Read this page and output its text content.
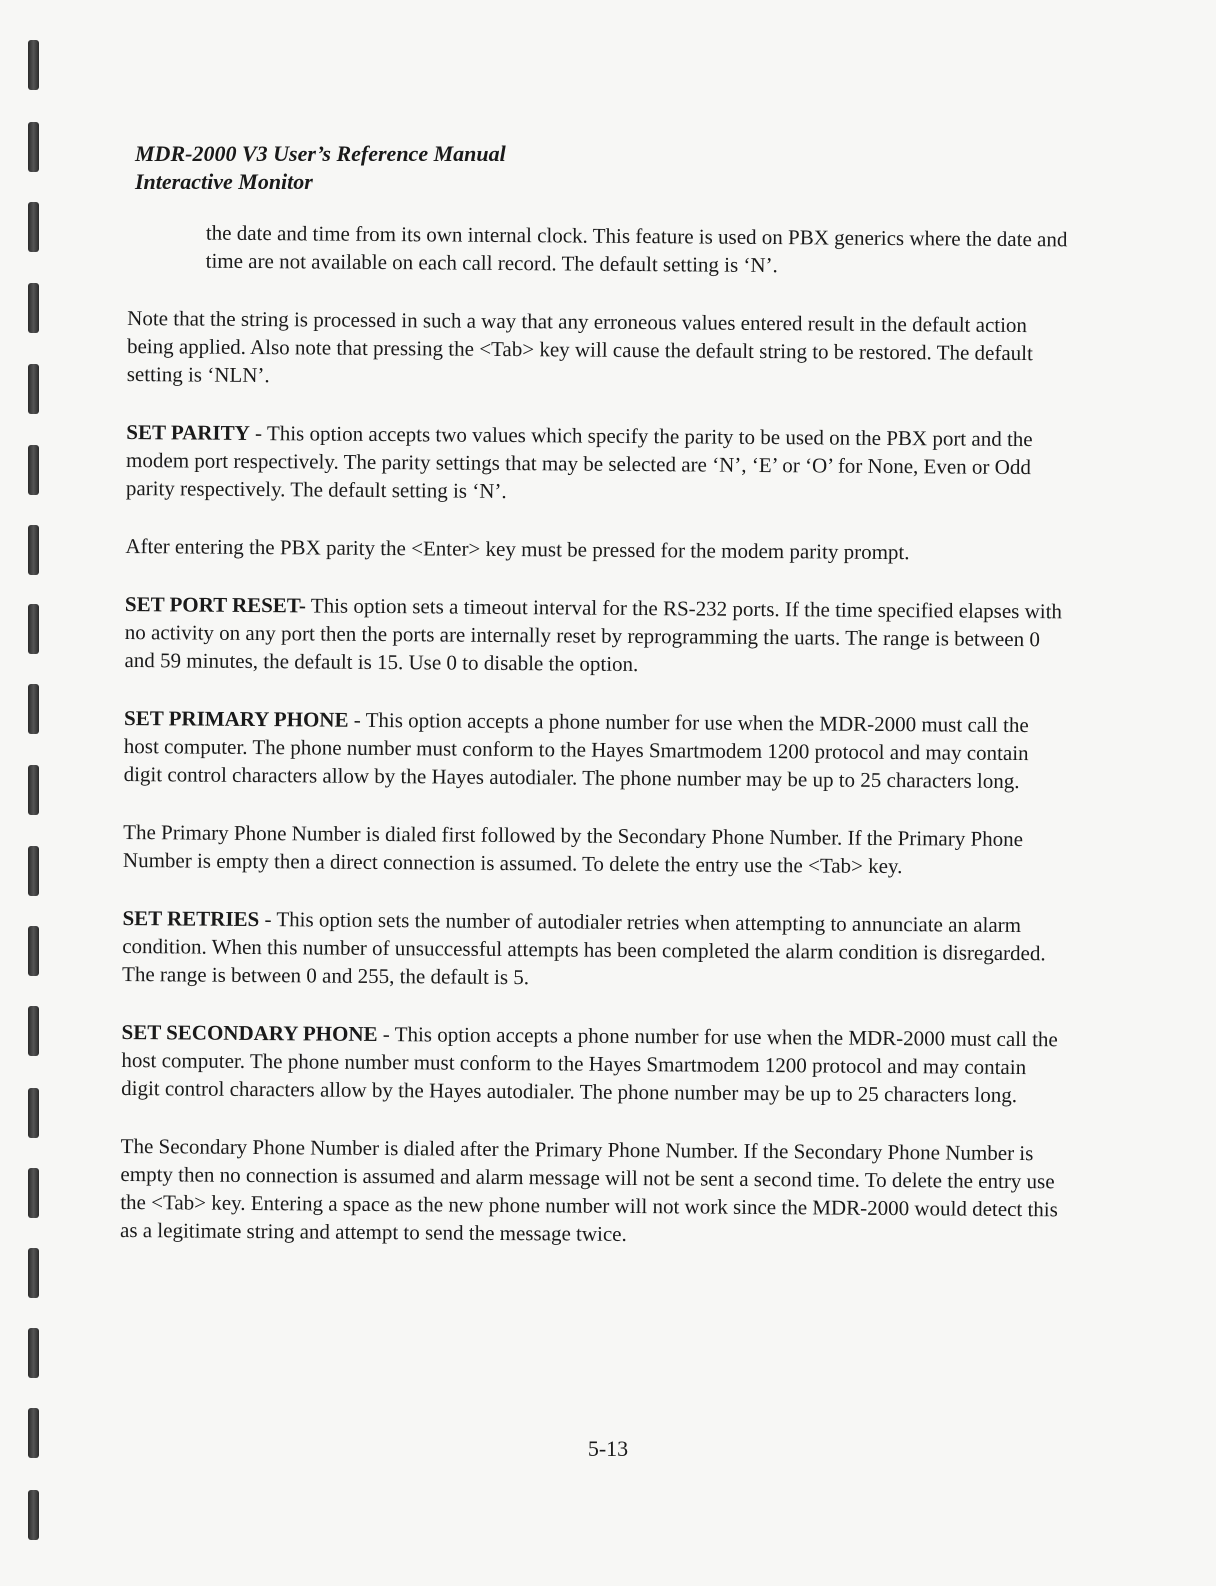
MDR-2000 V3 User’s Reference Manual
Interactive Monitor

the date and time from its own internal clock. This feature is used on PBX generics where the date and time are not available on each call record. The default setting is ‘N’.

Note that the string is processed in such a way that any erroneous values entered result in the default action being applied. Also note that pressing the <Tab> key will cause the default string to be restored. The default setting is ‘NLN’.

SET PARITY - This option accepts two values which specify the parity to be used on the PBX port and the modem port respectively. The parity settings that may be selected are ‘N’, ‘E’ or ‘O’ for None, Even or Odd parity respectively. The default setting is ‘N’.

After entering the PBX parity the <Enter> key must be pressed for the modem parity prompt.

SET PORT RESET- This option sets a timeout interval for the RS-232 ports. If the time specified elapses with no activity on any port then the ports are internally reset by reprogramming the uarts. The range is between 0 and 59 minutes, the default is 15. Use 0 to disable the option.

SET PRIMARY PHONE - This option accepts a phone number for use when the MDR-2000 must call the host computer. The phone number must conform to the Hayes Smartmodem 1200 protocol and may contain digit control characters allow by the Hayes autodialer. The phone number may be up to 25 characters long.

The Primary Phone Number is dialed first followed by the Secondary Phone Number. If the Primary Phone Number is empty then a direct connection is assumed. To delete the entry use the <Tab> key.

SET RETRIES - This option sets the number of autodialer retries when attempting to annunciate an alarm condition. When this number of unsuccessful attempts has been completed the alarm condition is disregarded. The range is between 0 and 255, the default is 5.

SET SECONDARY PHONE - This option accepts a phone number for use when the MDR-2000 must call the host computer. The phone number must conform to the Hayes Smartmodem 1200 protocol and may contain digit control characters allow by the Hayes autodialer. The phone number may be up to 25 characters long.

The Secondary Phone Number is dialed after the Primary Phone Number. If the Secondary Phone Number is empty then no connection is assumed and alarm message will not be sent a second time. To delete the entry use the <Tab> key. Entering a space as the new phone number will not work since the MDR-2000 would detect this as a legitimate string and attempt to send the message twice.

5-13
